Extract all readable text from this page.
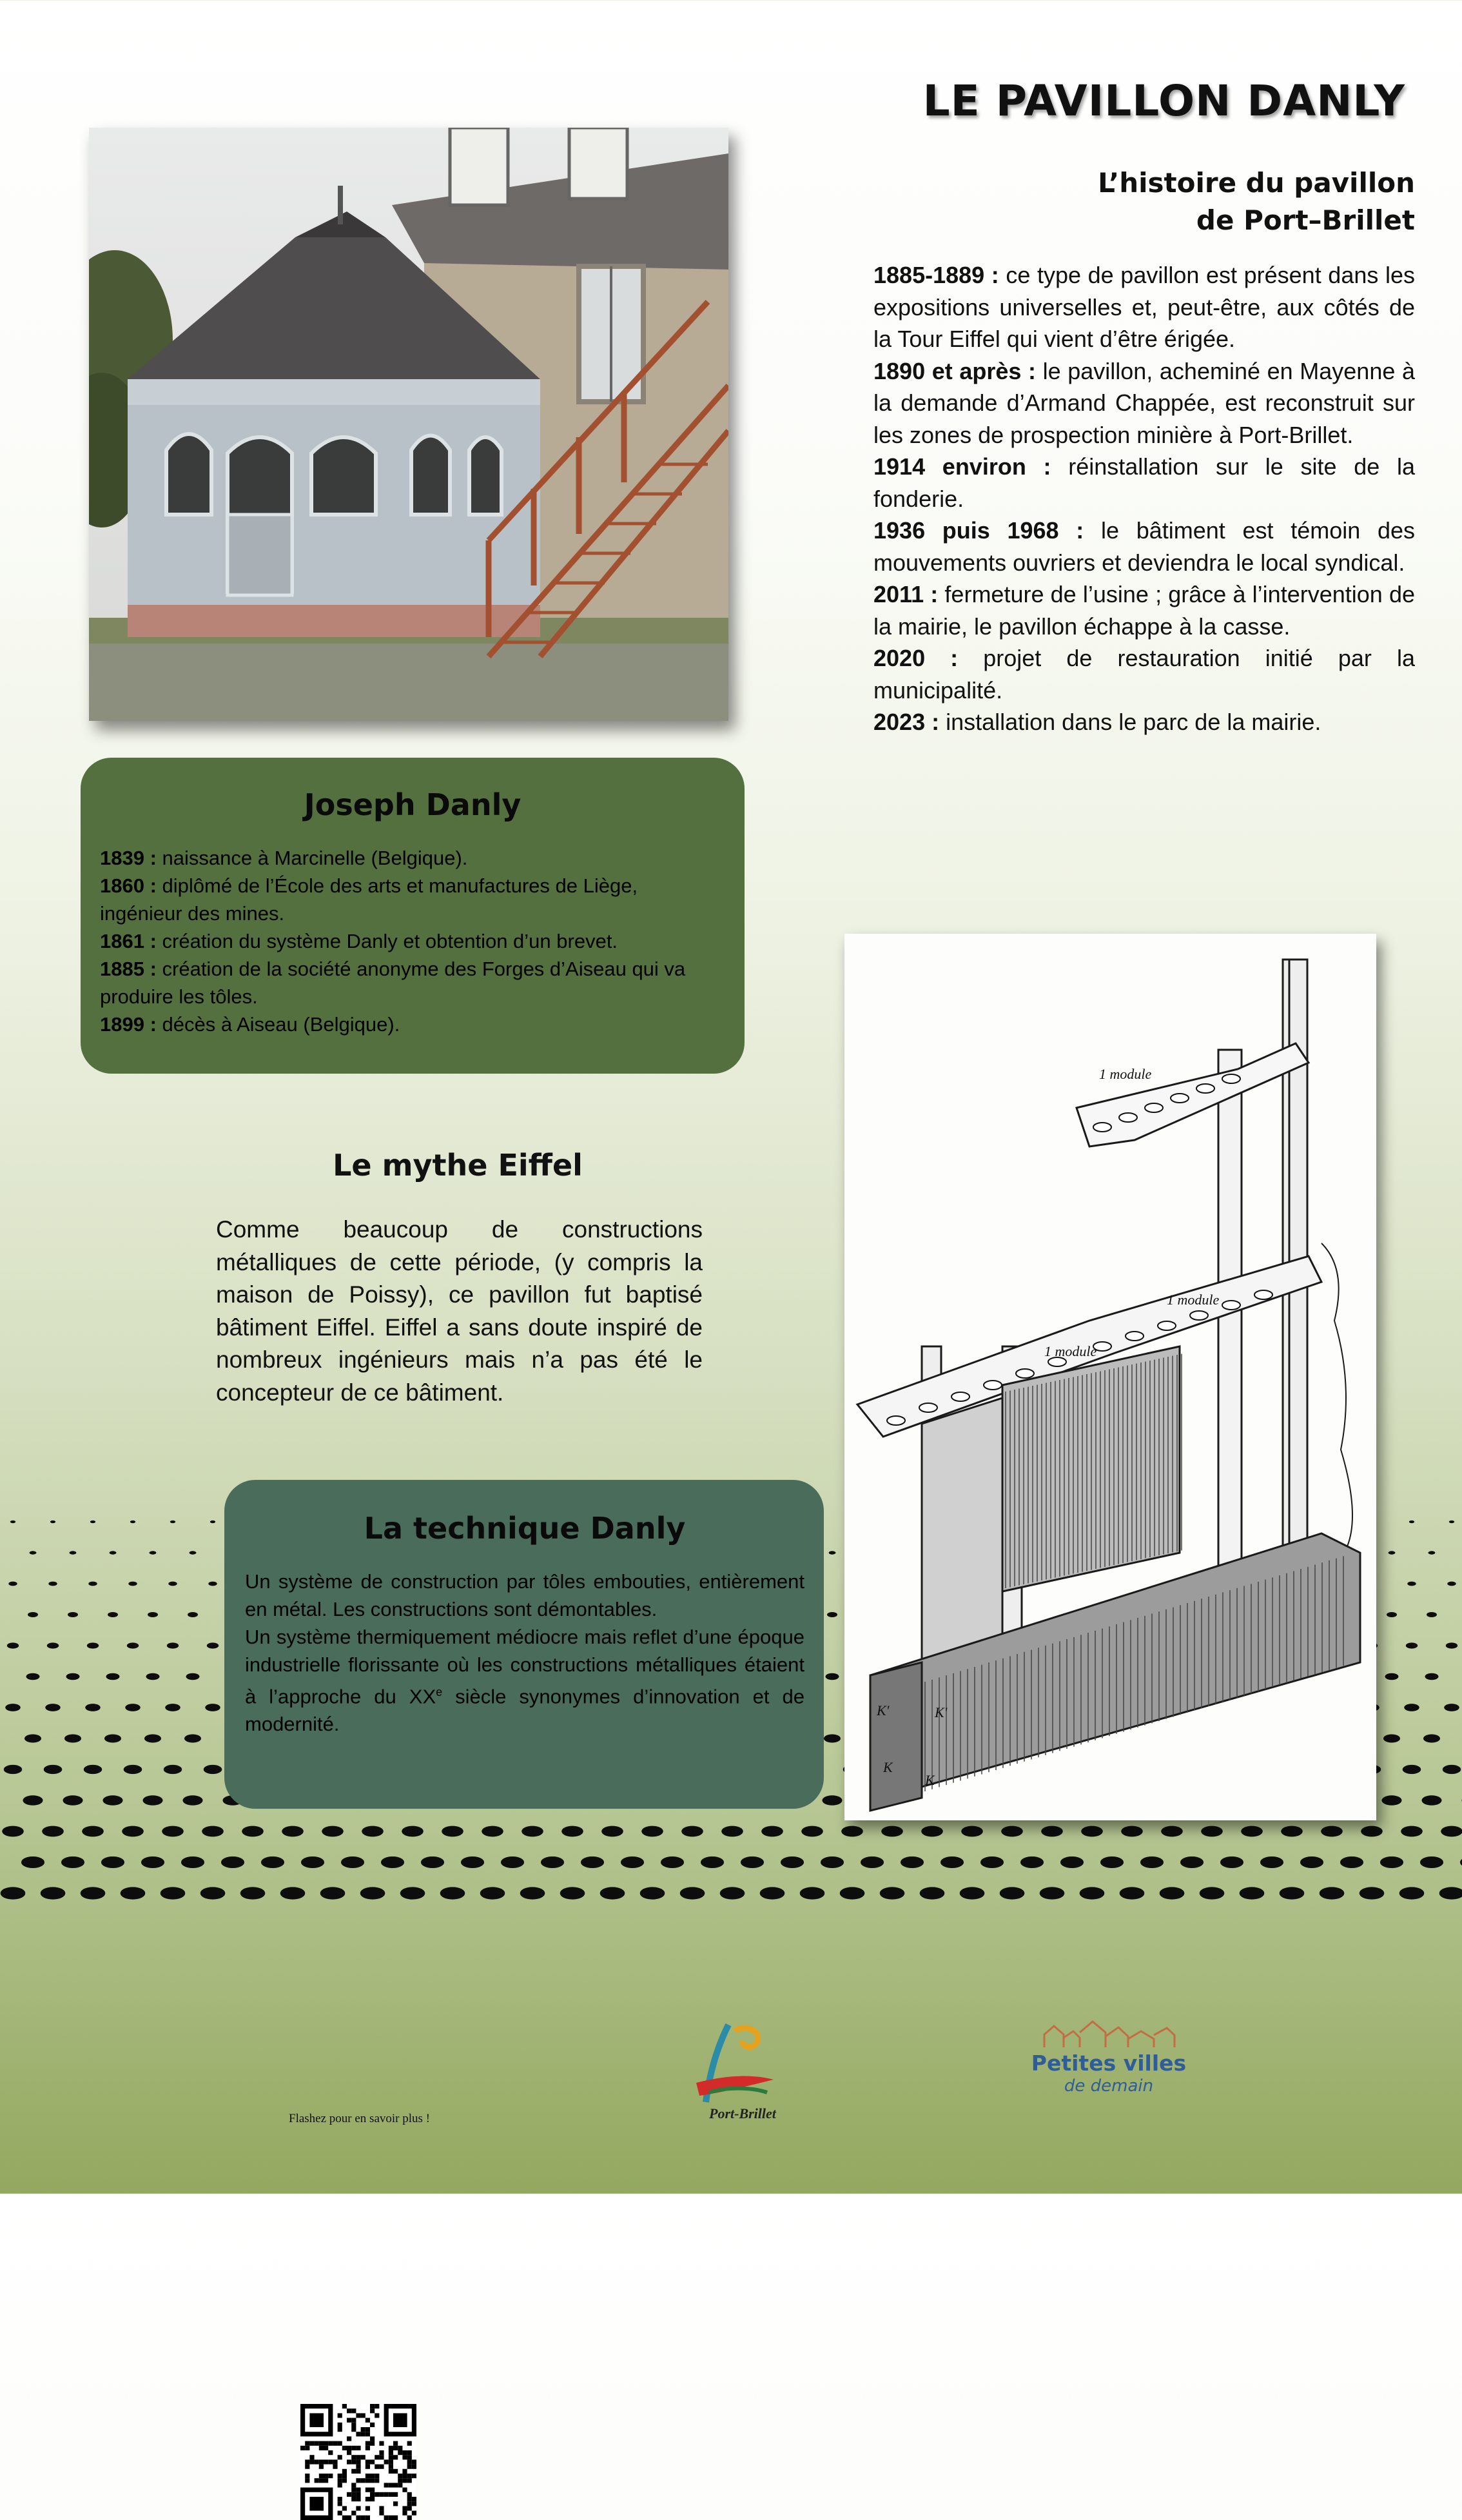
LE PAVILLON DANLY
L’histoire du pavillon
de Port–Brillet

1885-1889 : ce type de pavillon est présent dans les expositions universelles et, peut-être, aux côtés de la Tour Eiffel qui vient d’être érigée.

1890 et après : le pavillon, acheminé en Mayenne à la demande d’Armand Chappée, est reconstruit sur les zones de prospection minière à Port-Brillet.

1914 environ : réinstallation sur le site de la fonderie.

1936 puis 1968 : le bâtiment est témoin des mouvements ouvriers et deviendra le local syndical.

2011 : fermeture de l’usine ; grâce à l’intervention de la mairie, le pavillon échappe à la casse.

2020 : projet de restauration initié par la municipalité.

2023 : installation dans le parc de la mairie.

Joseph Danly

1839 : naissance à Marcinelle (Belgique).

1860 : diplômé de l’École des arts et manufactures de Liège, ingénieur des mines.

1861 : création du système Danly et obtention d’un brevet.

1885 : création de la société anonyme des Forges d’Aiseau qui va produire les tôles.

1899 : décès à Aiseau (Belgique).

Le mythe Eiffel
Comme beaucoup de constructions métalliques de cette période, (y compris la maison de Poissy), ce pavillon fut baptisé bâtiment Eiffel. Eiffel a sans doute inspiré de nombreux ingénieurs mais n’a pas été le concepteur de ce bâtiment.
La technique Danly

Un système de construction par tôles embouties, entièrement en métal. Les constructions sont démontables.

Un système thermiquement médiocre mais reflet d’une époque industrielle florissante où les constructions métalliques étaient à l’approche du XXe siècle synonymes d’innovation et de modernité.

1 module
1 module
1 module
K
K'	K'
K
Flashez pour en savoir plus !	Port-Brillet
Petites villes
de demain
